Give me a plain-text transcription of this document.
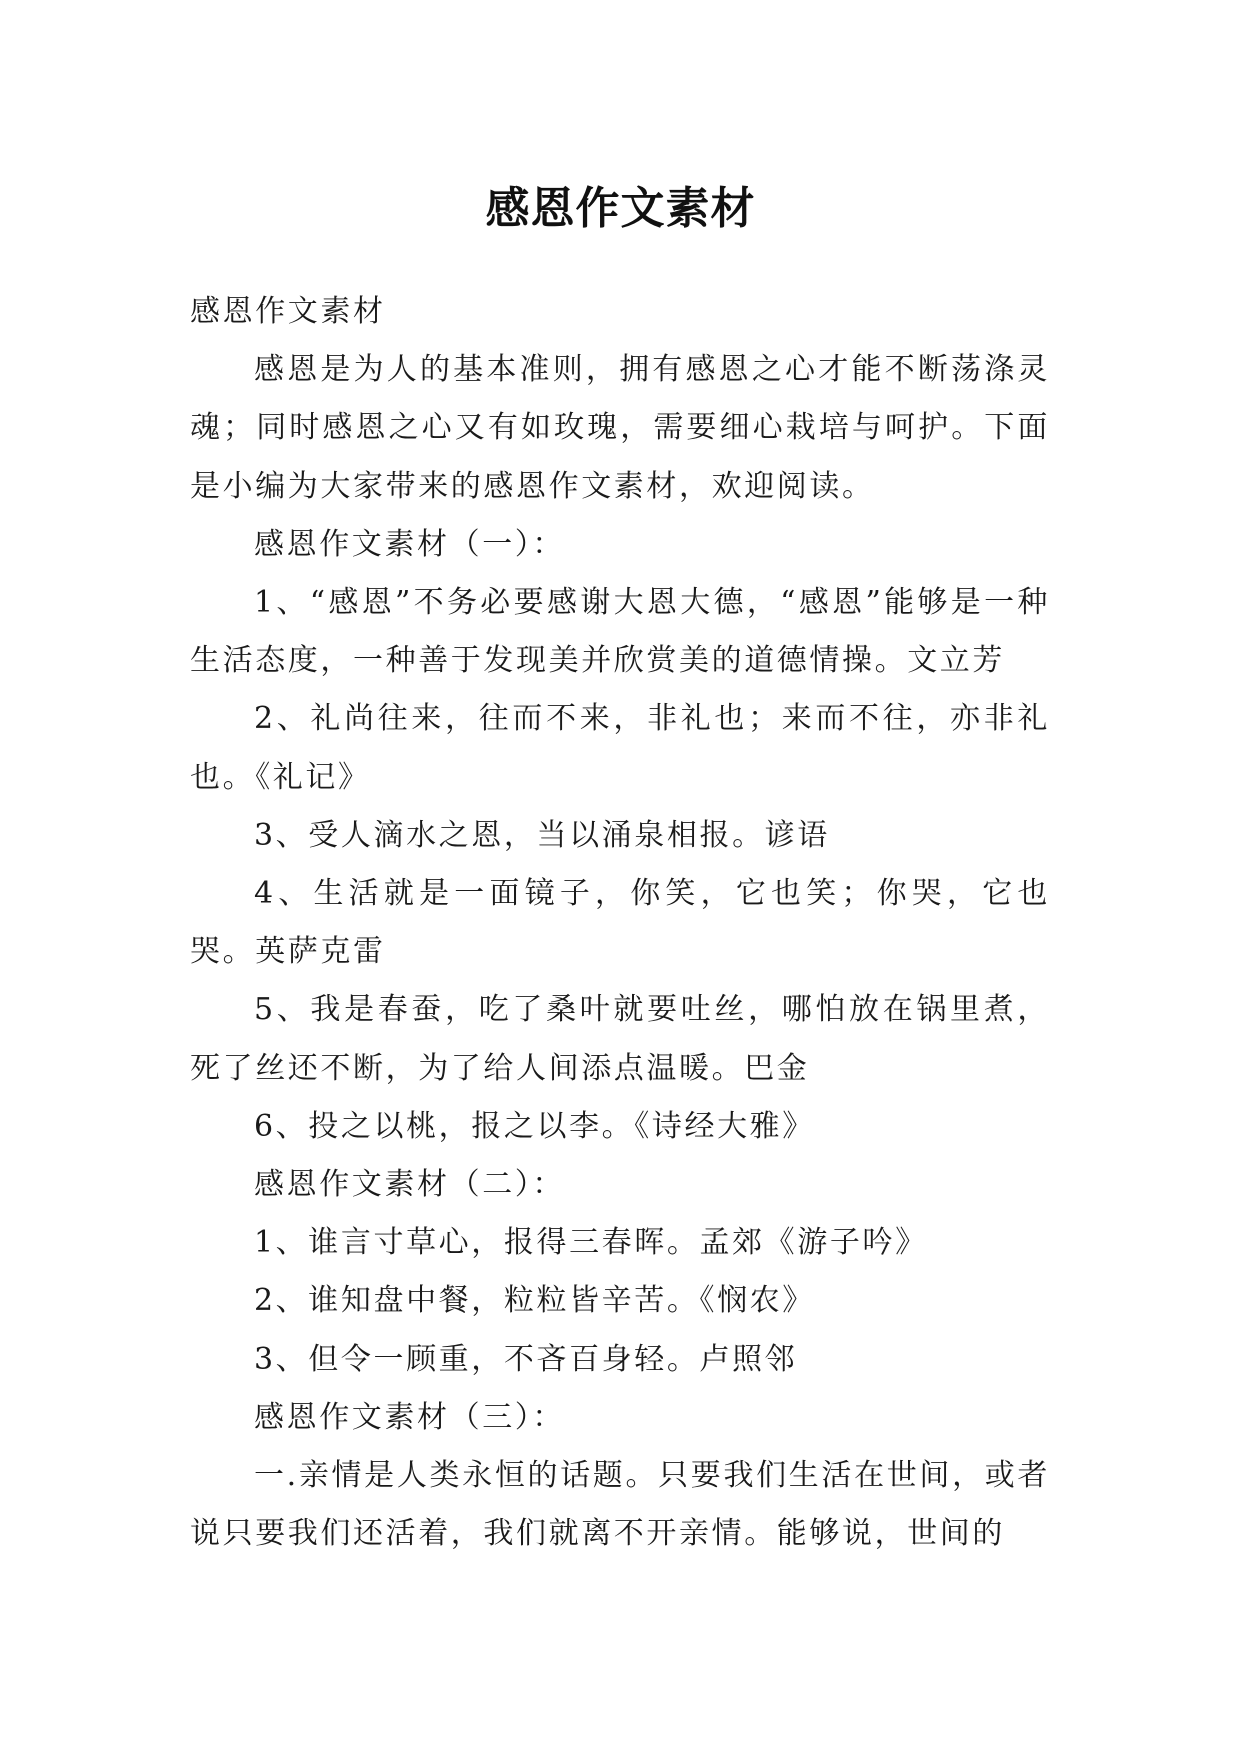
感恩作文素材

感恩作文素材

感恩是为人的基本准则，拥有感恩之心才能不断荡涤灵魂；同时感恩之心又有如玫瑰，需要细心栽培与呵护。下面是小编为大家带来的感恩作文素材，欢迎阅读。

感恩作文素材（一）：

1、“感恩”不务必要感谢大恩大德，“感恩”能够是一种生活态度，一种善于发现美并欣赏美的道德情操。文立芳

2、礼尚往来，往而不来，非礼也；来而不往，亦非礼也。《礼记》

3、受人滴水之恩，当以涌泉相报。谚语

4、生活就是一面镜子，你笑，它也笑；你哭，它也哭。英萨克雷

5、我是春蚕，吃了桑叶就要吐丝，哪怕放在锅里煮，死了丝还不断，为了给人间添点温暖。巴金

6、投之以桃，报之以李。《诗经大雅》

感恩作文素材（二）：

1、谁言寸草心，报得三春晖。孟郊《游子吟》

2、谁知盘中餐，粒粒皆辛苦。《悯农》

3、但令一顾重，不吝百身轻。卢照邻

感恩作文素材（三）：

一.亲情是人类永恒的话题。只要我们生活在世间，或者说只要我们还活着，我们就离不开亲情。能够说，世间的
